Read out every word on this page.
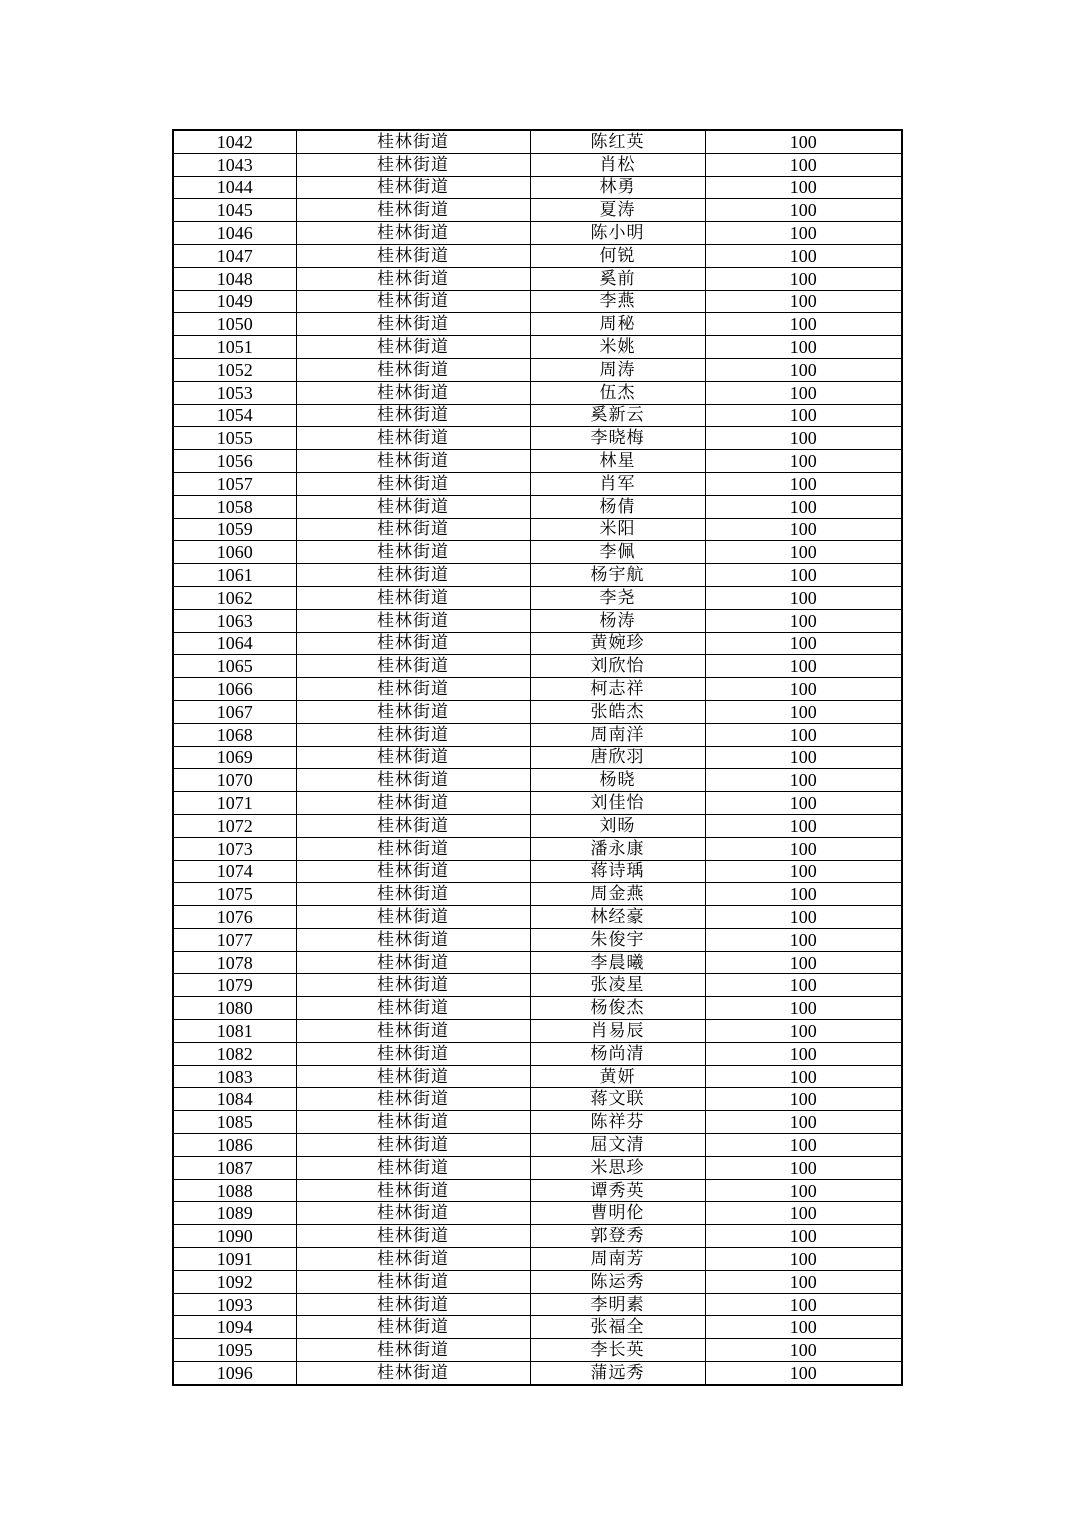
1042	桂林街道	陈红英	100
1043	桂林街道	肖松	100
1044	桂林街道	林勇	100
1045	桂林街道	夏涛	100
1046	桂林街道	陈小明	100
1047	桂林街道	何锐	100
1048	桂林街道	奚前	100
1049	桂林街道	李燕	100
1050	桂林街道	周秘	100
1051	桂林街道	米姚	100
1052	桂林街道	周涛	100
1053	桂林街道	伍杰	100
1054	桂林街道	奚新云	100
1055	桂林街道	李晓梅	100
1056	桂林街道	林星	100
1057	桂林街道	肖军	100
1058	桂林街道	杨倩	100
1059	桂林街道	米阳	100
1060	桂林街道	李佩	100
1061	桂林街道	杨宇航	100
1062	桂林街道	李尧	100
1063	桂林街道	杨涛	100
1064	桂林街道	黄婉珍	100
1065	桂林街道	刘欣怡	100
1066	桂林街道	柯志祥	100
1067	桂林街道	张皓杰	100
1068	桂林街道	周南洋	100
1069	桂林街道	唐欣羽	100
1070	桂林街道	杨晓	100
1071	桂林街道	刘佳怡	100
1072	桂林街道	刘旸	100
1073	桂林街道	潘永康	100
1074	桂林街道	蒋诗瑀	100
1075	桂林街道	周金燕	100
1076	桂林街道	林经豪	100
1077	桂林街道	朱俊宇	100
1078	桂林街道	李晨曦	100
1079	桂林街道	张凌星	100
1080	桂林街道	杨俊杰	100
1081	桂林街道	肖易辰	100
1082	桂林街道	杨尚清	100
1083	桂林街道	黄妍	100
1084	桂林街道	蒋文联	100
1085	桂林街道	陈祥芬	100
1086	桂林街道	屈文清	100
1087	桂林街道	米思珍	100
1088	桂林街道	谭秀英	100
1089	桂林街道	曹明伦	100
1090	桂林街道	郭登秀	100
1091	桂林街道	周南芳	100
1092	桂林街道	陈运秀	100
1093	桂林街道	李明素	100
1094	桂林街道	张福全	100
1095	桂林街道	李长英	100
1096	桂林街道	蒲远秀	100
